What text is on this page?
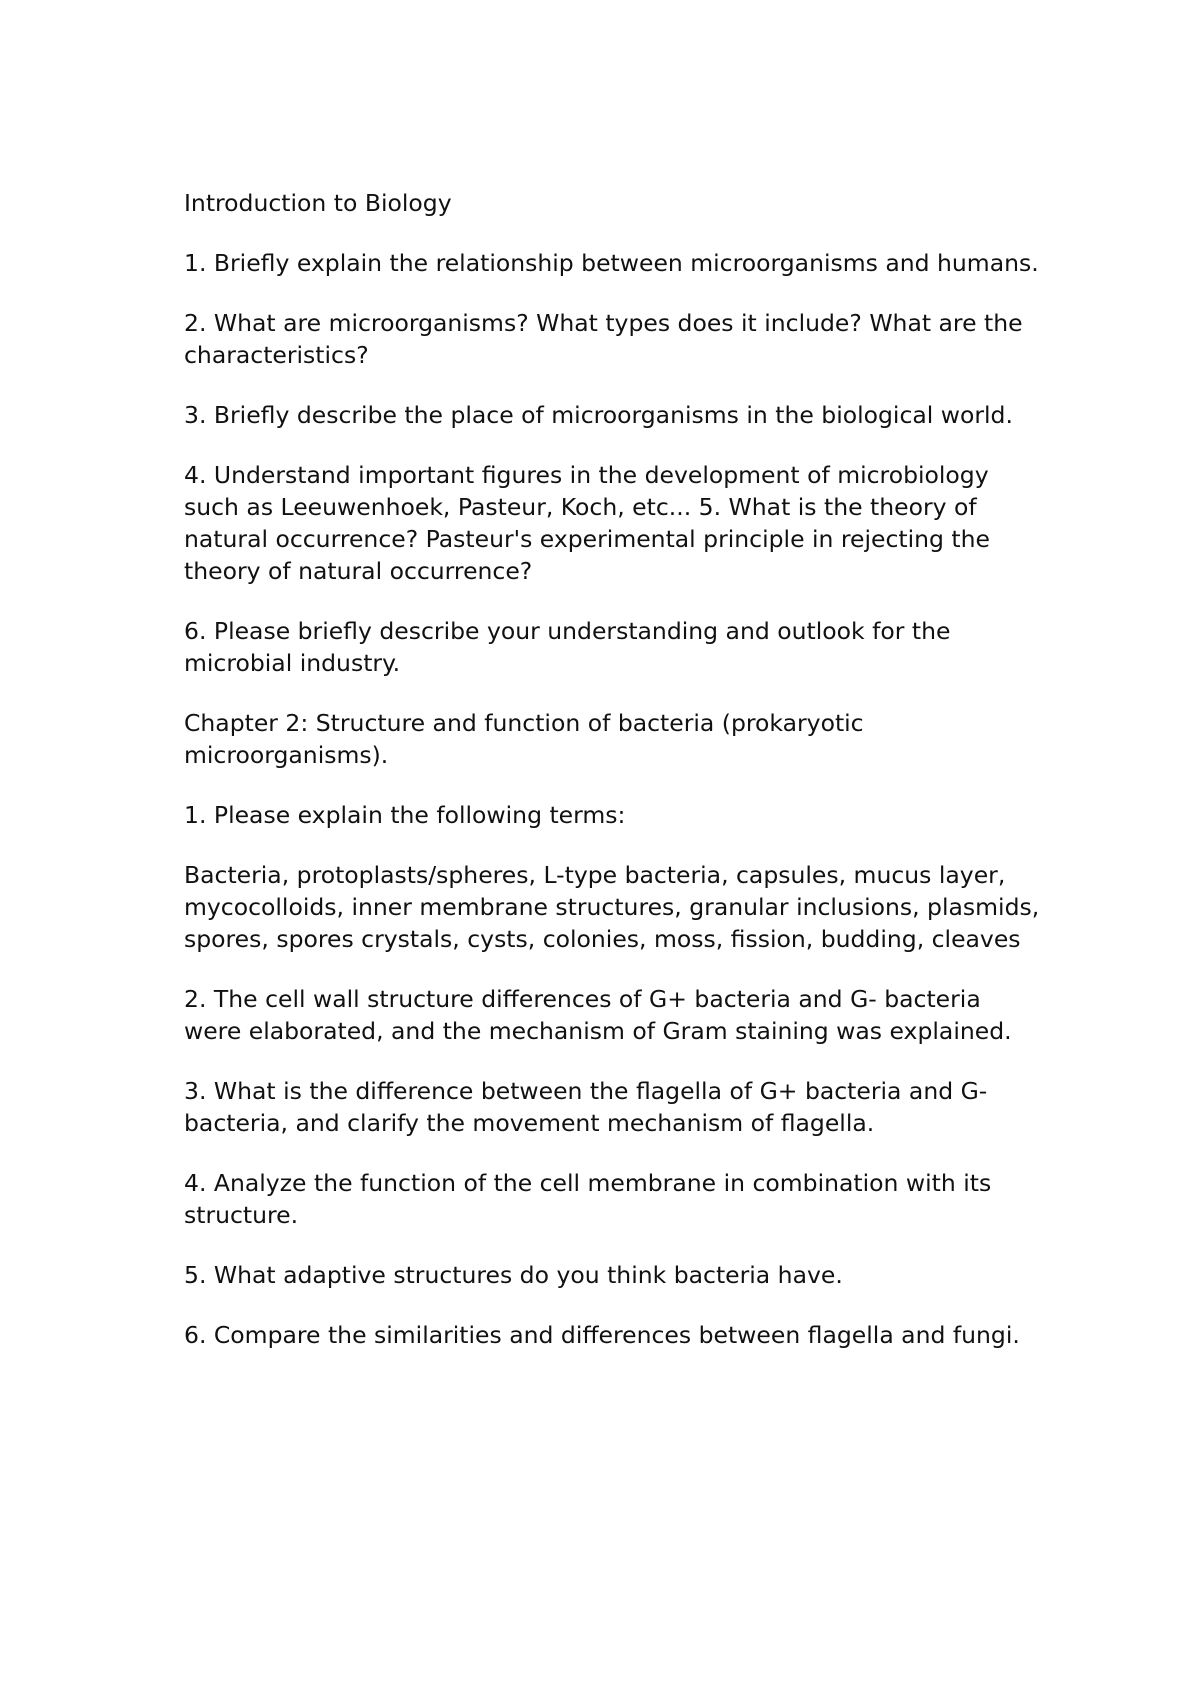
Introduction to Biology

1. Briefly explain the relationship between microorganisms and humans.

2. What are microorganisms? What types does it include? What are the characteristics?

3. Briefly describe the place of microorganisms in the biological world.

4. Understand important figures in the development of microbiology such as Leeuwenhoek, Pasteur, Koch, etc... 5. What is the theory of natural occurrence? Pasteur's experimental principle in rejecting the theory of natural occurrence?

6. Please briefly describe your understanding and outlook for the microbial industry.

Chapter 2: Structure and function of bacteria (prokaryotic microorganisms).

1. Please explain the following terms:

Bacteria, protoplasts/spheres, L-type bacteria, capsules, mucus layer, mycocolloids, inner membrane structures, granular inclusions, plasmids, spores, spores crystals, cysts, colonies, moss, fission, budding, cleaves

2. The cell wall structure differences of G+ bacteria and G- bacteria were elaborated, and the mechanism of Gram staining was explained.

3. What is the difference between the flagella of G+ bacteria and G- bacteria, and clarify the movement mechanism of flagella.

4. Analyze the function of the cell membrane in combination with its structure.

5. What adaptive structures do you think bacteria have.

6. Compare the similarities and differences between flagella and fungi.
